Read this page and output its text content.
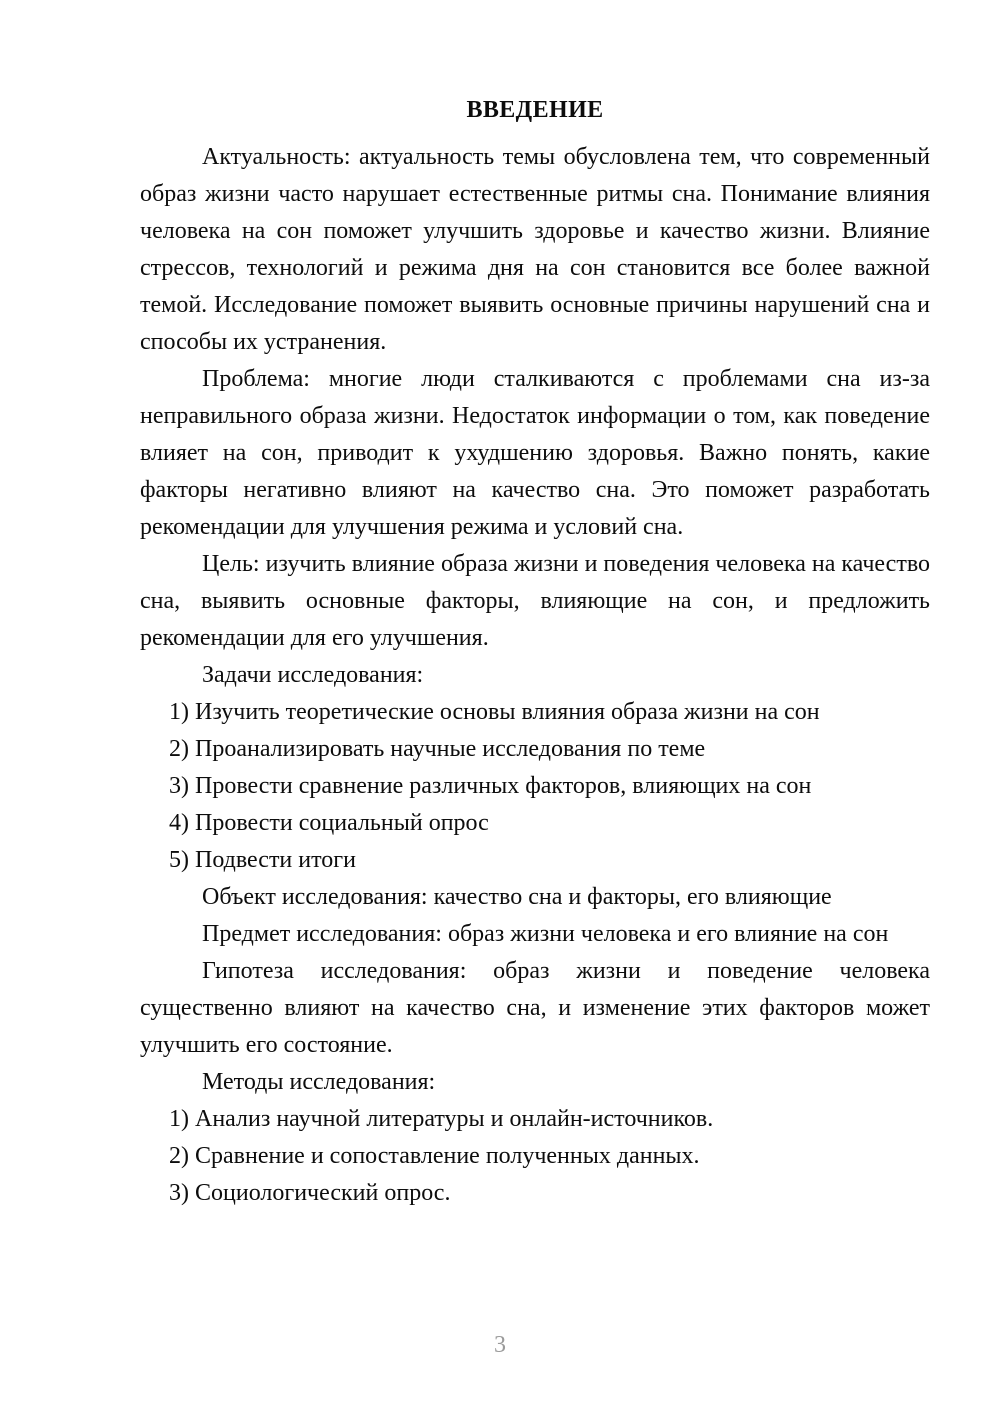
ВВЕДЕНИЕ

Актуальность: актуальность темы обусловлена тем, что современный образ жизни часто нарушает естественные ритмы сна. Понимание влияния человека на сон поможет улучшить здоровье и качество жизни. Влияние стрессов, технологий и режима дня на сон становится все более важной темой. Исследование поможет выявить основные причины нарушений сна и способы их устранения.

Проблема: многие люди сталкиваются с проблемами сна из-за неправильного образа жизни. Недостаток информации о том, как поведение влияет на сон, приводит к ухудшению здоровья. Важно понять, какие факторы негативно влияют на качество сна. Это поможет разработать рекомендации для улучшения режима и условий сна.

Цель: изучить влияние образа жизни и поведения человека на качество сна, выявить основные факторы, влияющие на сон, и предложить рекомендации для его улучшения.

Задачи исследования:

1) Изучить теоретические основы влияния образа жизни на сон

2) Проанализировать научные исследования по теме

3) Провести сравнение различных факторов, влияющих на сон

4) Провести социальный опрос

5) Подвести итоги

Объект исследования: качество сна и факторы, его влияющие

Предмет исследования: образ жизни человека и его влияние на сон

Гипотеза исследования: образ жизни и поведение человека существенно влияют на качество сна, и изменение этих факторов может улучшить его состояние.

Методы исследования:

1) Анализ научной литературы и онлайн-источников.

2) Сравнение и сопоставление полученных данных.

3) Социологический опрос.

3
